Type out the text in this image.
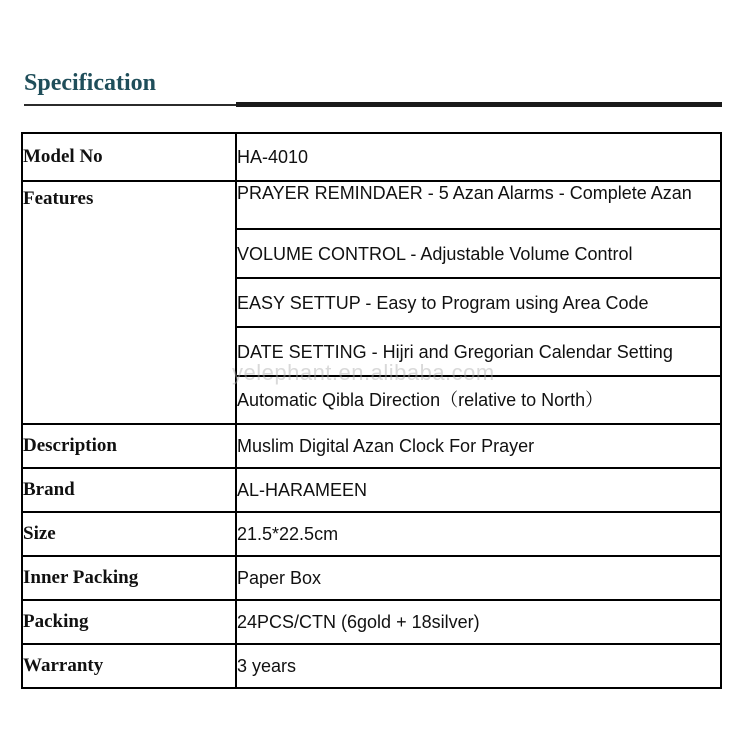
Specification
Model No	HA-4010
Features	PRAYER REMINDAER - 5 Azan Alarms - Complete Azan
	VOLUME CONTROL - Adjustable Volume Control
	EASY SETTUP - Easy to Program using Area Code
	DATE SETTING - Hijri and Gregorian Calendar Setting
	Automatic Qibla Direction（relative to North）
Description	Muslim Digital Azan Clock For Prayer
Brand	AL-HARAMEEN
Size	21.5*22.5cm
Inner Packing	Paper Box
Packing	24PCS/CTN (6gold + 18silver)
Warranty	3 years
yelephant.en.alibaba.com
